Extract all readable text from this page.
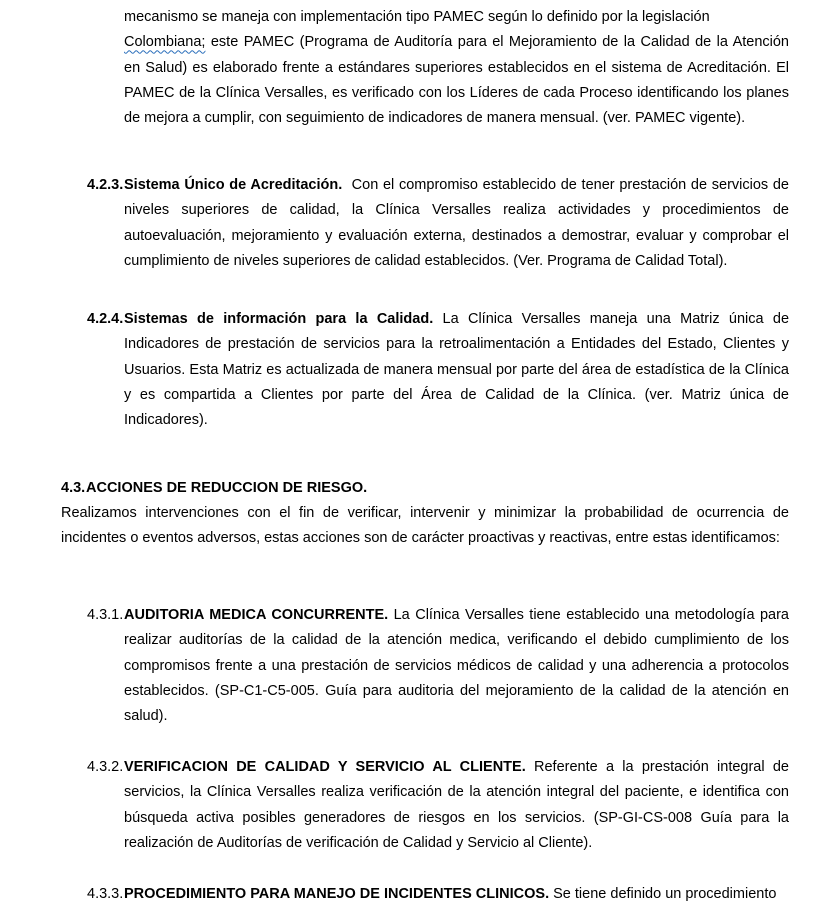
mecanismo se maneja con implementación tipo PAMEC según lo definido por la legislación
Colombiana; este PAMEC (Programa de Auditoría para el Mejoramiento de la Calidad de la Atención en Salud) es elaborado frente a estándares superiores establecidos en el sistema de Acreditación. El PAMEC de la Clínica Versalles, es verificado con los Líderes de cada Proceso identificando los planes de mejora a cumplir, con seguimiento de indicadores de manera mensual. (ver. PAMEC vigente).

4.2.3. Sistema Único de Acreditación.  Con el compromiso establecido de tener prestación de servicios de niveles superiores de calidad, la Clínica Versalles realiza actividades y procedimientos de autoevaluación, mejoramiento y evaluación externa, destinados a demostrar, evaluar y comprobar el cumplimiento de niveles superiores de calidad establecidos. (Ver. Programa de Calidad Total).

4.2.4. Sistemas de información para la Calidad. La Clínica Versalles maneja una Matriz única de Indicadores de prestación de servicios para la retroalimentación a Entidades del Estado, Clientes y Usuarios. Esta Matriz es actualizada de manera mensual por parte del área de estadística de la Clínica y es compartida a Clientes por parte del Área de Calidad de la Clínica. (ver. Matriz única de Indicadores).

4.3. ACCIONES DE REDUCCION DE RIESGO.

Realizamos intervenciones con el fin de verificar, intervenir y minimizar la probabilidad de ocurrencia de incidentes o eventos adversos, estas acciones son de carácter proactivas y reactivas, entre estas identificamos:

4.3.1. AUDITORIA MEDICA CONCURRENTE. La Clínica Versalles tiene establecido una metodología para realizar auditorías de la calidad de la atención medica, verificando el debido cumplimiento de los compromisos frente a una prestación de servicios médicos de calidad y una adherencia a protocolos establecidos. (SP-C1-C5-005. Guía para auditoria del mejoramiento de la calidad de la atención en salud).

4.3.2. VERIFICACION DE CALIDAD Y SERVICIO AL CLIENTE. Referente a la prestación integral de servicios, la Clínica Versalles realiza verificación de la atención integral del paciente, e identifica con búsqueda activa posibles generadores de riesgos en los servicios. (SP-GI-CS-008 Guía para la realización de Auditorías de verificación de Calidad y Servicio al Cliente).

4.3.3. PROCEDIMIENTO PARA MANEJO DE INCIDENTES CLINICOS. Se tiene definido un procedimiento
